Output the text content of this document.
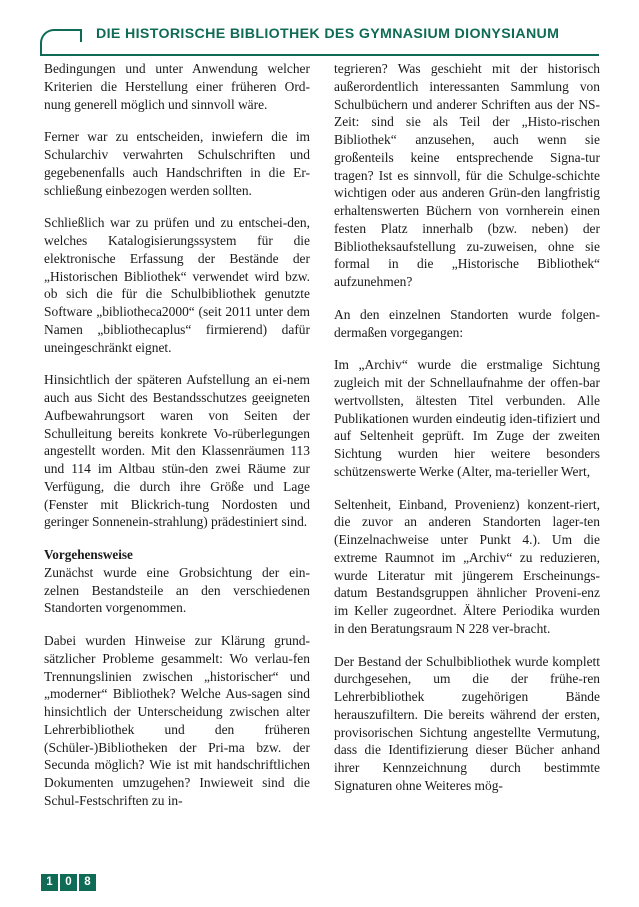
DIE HISTORISCHE BIBLIOTHEK DES GYMNASIUM DIONYSIANUM

Bedingungen und unter Anwendung welcher Kriterien die Herstellung einer früheren Ord-nung generell möglich und sinnvoll wäre.

Ferner war zu entscheiden, inwiefern die im Schularchiv verwahrten Schulschriften und gegebenenfalls auch Handschriften in die Er-schließung einbezogen werden sollten.

Schließlich war zu prüfen und zu entschei-den, welches Katalogisierungssystem für die elektronische Erfassung der Bestände der „Historischen Bibliothek“ verwendet wird bzw. ob sich die für die Schulbibliothek genutzte Software „bibliotheca2000“ (seit 2011 unter dem Namen „bibliothecaplus“ firmierend) dafür uneingeschränkt eignet.

Hinsichtlich der späteren Aufstellung an ei-nem auch aus Sicht des Bestandsschutzes geeigneten Aufbewahrungsort waren von Seiten der Schulleitung bereits konkrete Vo-rüberlegungen angestellt worden. Mit den Klassenräumen 113 und 114 im Altbau stün-den zwei Räume zur Verfügung, die durch ihre Größe und Lage (Fenster mit Blickrich-tung Nordosten und geringer Sonnenein-strahlung) prädestiniert sind.

Vorgehensweise

Zunächst wurde eine Grobsichtung der ein-zelnen Bestandsteile an den verschiedenen Standorten vorgenommen.

Dabei wurden Hinweise zur Klärung grund-sätzlicher Probleme gesammelt: Wo verlau-fen Trennungslinien zwischen „historischer“ und „moderner“ Bibliothek? Welche Aus-sagen sind hinsichtlich der Unterscheidung zwischen alter Lehrerbibliothek und den früheren (Schüler-)Bibliotheken der Pri-ma bzw. der Secunda möglich? Wie ist mit handschriftlichen Dokumenten umzugehen? Inwieweit sind die Schul-Festschriften zu in-

tegrieren? Was geschieht mit der historisch außerordentlich interessanten Sammlung von Schulbüchern und anderer Schriften aus der NS-Zeit: sind sie als Teil der „Histo-rischen Bibliothek“ anzusehen, auch wenn sie großenteils keine entsprechende Signa-tur tragen? Ist es sinnvoll, für die Schulge-schichte wichtigen oder aus anderen Grün-den langfristig erhaltenswerten Büchern von vornherein einen festen Platz innerhalb (bzw. neben) der Bibliotheksaufstellung zu-zuweisen, ohne sie formal in die „Historische Bibliothek“ aufzunehmen?

An den einzelnen Standorten wurde folgen-dermaßen vorgegangen:

Im „Archiv“ wurde die erstmalige Sichtung zugleich mit der Schnellaufnahme der offen-bar wertvollsten, ältesten Titel verbunden. Alle Publikationen wurden eindeutig iden-tifiziert und auf Seltenheit geprüft. Im Zuge der zweiten Sichtung wurden hier weitere besonders schützenswerte Werke (Alter, ma-terieller Wert,

Seltenheit, Einband, Provenienz) konzent-riert, die zuvor an anderen Standorten lager-ten (Einzelnachweise unter Punkt 4.). Um die extreme Raumnot im „Archiv“ zu reduzieren, wurde Literatur mit jüngerem Erscheinungs-datum Bestandsgruppen ähnlicher Proveni-enz im Keller zugeordnet. Ältere Periodika wurden in den Beratungsraum N 228 ver-bracht.

Der Bestand der Schulbibliothek wurde komplett durchgesehen, um die der frühe-ren Lehrerbibliothek zugehörigen Bände herauszufiltern. Die bereits während der ersten, provisorischen Sichtung angestellte Vermutung, dass die Identifizierung dieser Bücher anhand ihrer Kennzeichnung durch bestimmte Signaturen ohne Weiteres mög-

1	0	8
